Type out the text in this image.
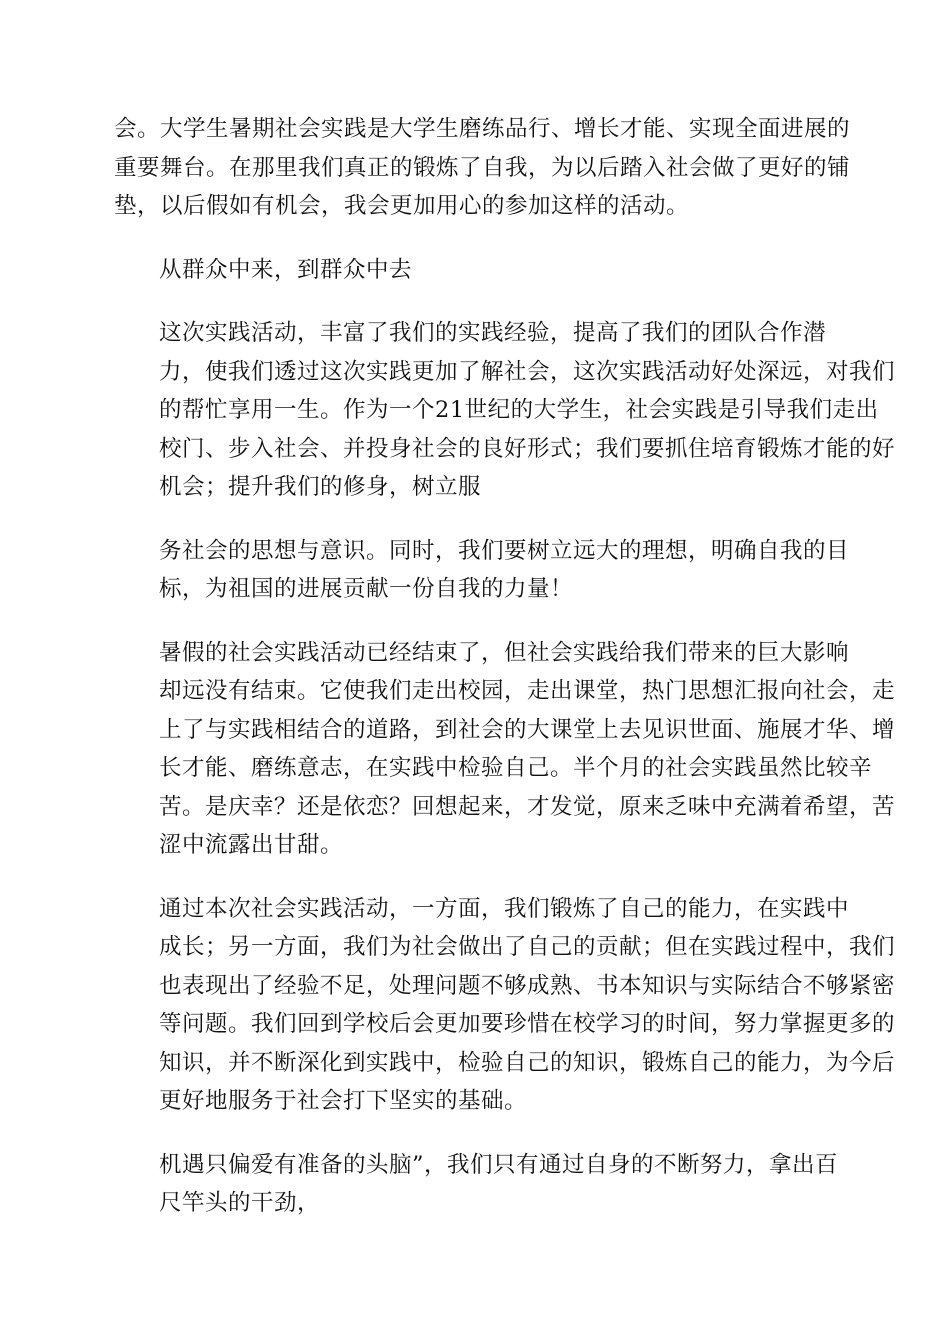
会。大学生暑期社会实践是大学生磨练品行、增长才能、实现全面进展的
重要舞台。在那里我们真正的锻炼了自我，为以后踏入社会做了更好的铺
垫，以后假如有机会，我会更加用心的参加这样的活动。

从群众中来，到群众中去

这次实践活动，丰富了我们的实践经验，提高了我们的团队合作潜
力，使我们透过这次实践更加了解社会，这次实践活动好处深远，对我们
的帮忙享用一生。作为一个21世纪的大学生，社会实践是引导我们走出
校门、步入社会、并投身社会的良好形式；我们要抓住培育锻炼才能的好
机会；提升我们的修身，树立服

务社会的思想与意识。同时，我们要树立远大的理想，明确自我的目
标，为祖国的进展贡献一份自我的力量！

暑假的社会实践活动已经结束了，但社会实践给我们带来的巨大影响
却远没有结束。它使我们走出校园，走出课堂，热门思想汇报向社会，走
上了与实践相结合的道路，到社会的大课堂上去见识世面、施展才华、增
长才能、磨练意志，在实践中检验自己。半个月的社会实践虽然比较辛
苦。是庆幸？还是依恋？回想起来，才发觉，原来乏味中充满着希望，苦
涩中流露出甘甜。

通过本次社会实践活动，一方面，我们锻炼了自己的能力，在实践中
成长；另一方面，我们为社会做出了自己的贡献；但在实践过程中，我们
也表现出了经验不足，处理问题不够成熟、书本知识与实际结合不够紧密
等问题。我们回到学校后会更加要珍惜在校学习的时间，努力掌握更多的
知识，并不断深化到实践中，检验自己的知识，锻炼自己的能力，为今后
更好地服务于社会打下坚实的基础。

机遇只偏爱有准备的头脑”，我们只有通过自身的不断努力，拿出百
尺竿头的干劲，
